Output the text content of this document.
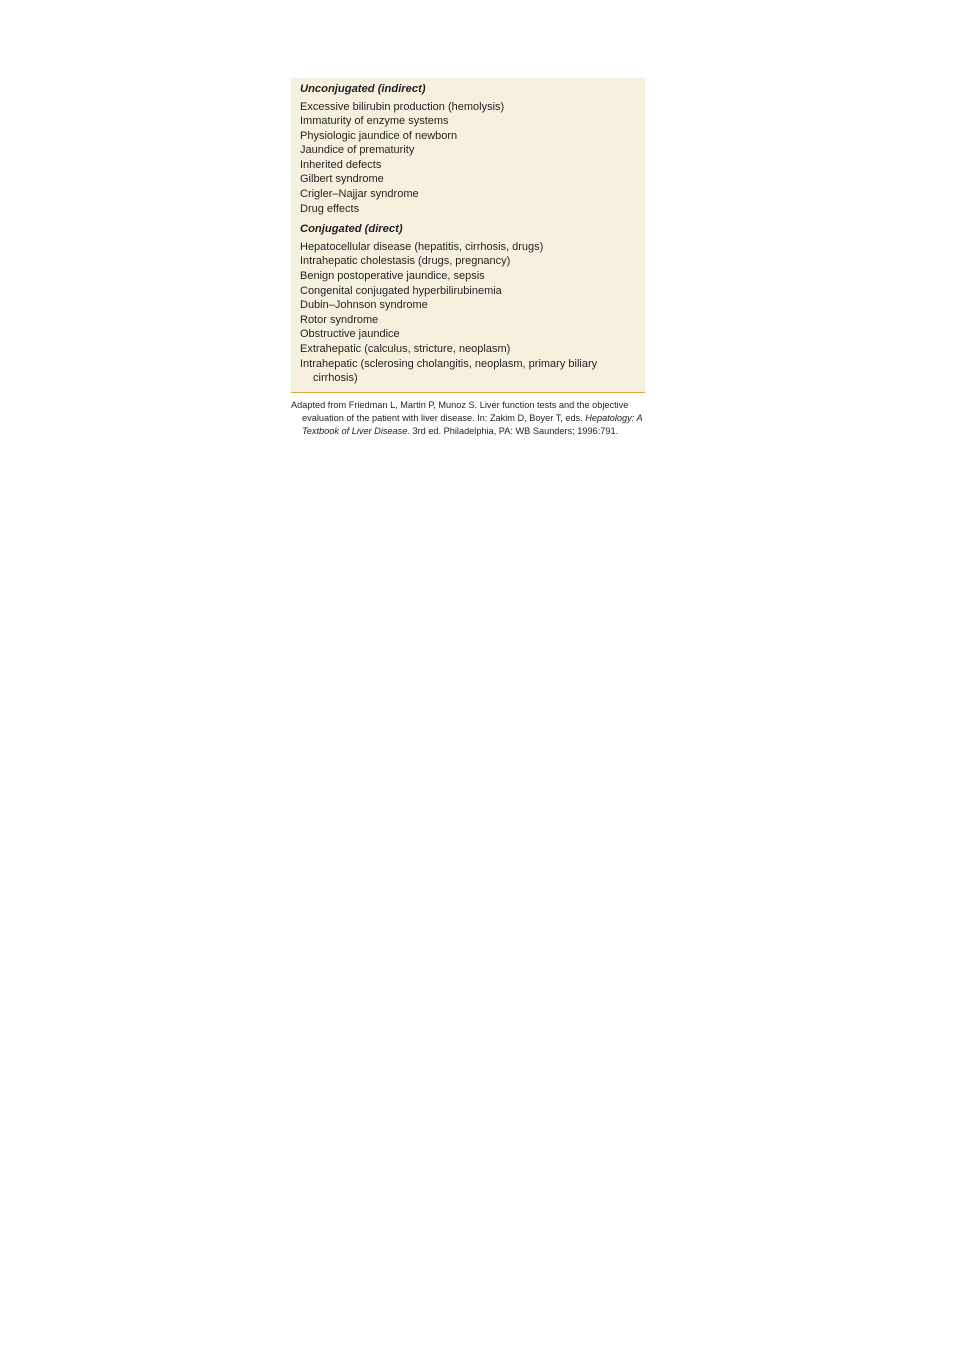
Unconjugated (indirect)
Excessive bilirubin production (hemolysis)
Immaturity of enzyme systems
Physiologic jaundice of newborn
Jaundice of prematurity
Inherited defects
Gilbert syndrome
Crigler–Najjar syndrome
Drug effects
Conjugated (direct)
Hepatocellular disease (hepatitis, cirrhosis, drugs)
Intrahepatic cholestasis (drugs, pregnancy)
Benign postoperative jaundice, sepsis
Congenital conjugated hyperbilirubinemia
Dubin–Johnson syndrome
Rotor syndrome
Obstructive jaundice
Extrahepatic (calculus, stricture, neoplasm)
Intrahepatic (sclerosing cholangitis, neoplasm, primary biliary cirrhosis)
Adapted from Friedman L, Martin P, Munoz S. Liver function tests and the objective evaluation of the patient with liver disease. In: Zakim D, Boyer T, eds. Hepatology: A Textbook of Liver Disease. 3rd ed. Philadelphia, PA: WB Saunders; 1996:791.
